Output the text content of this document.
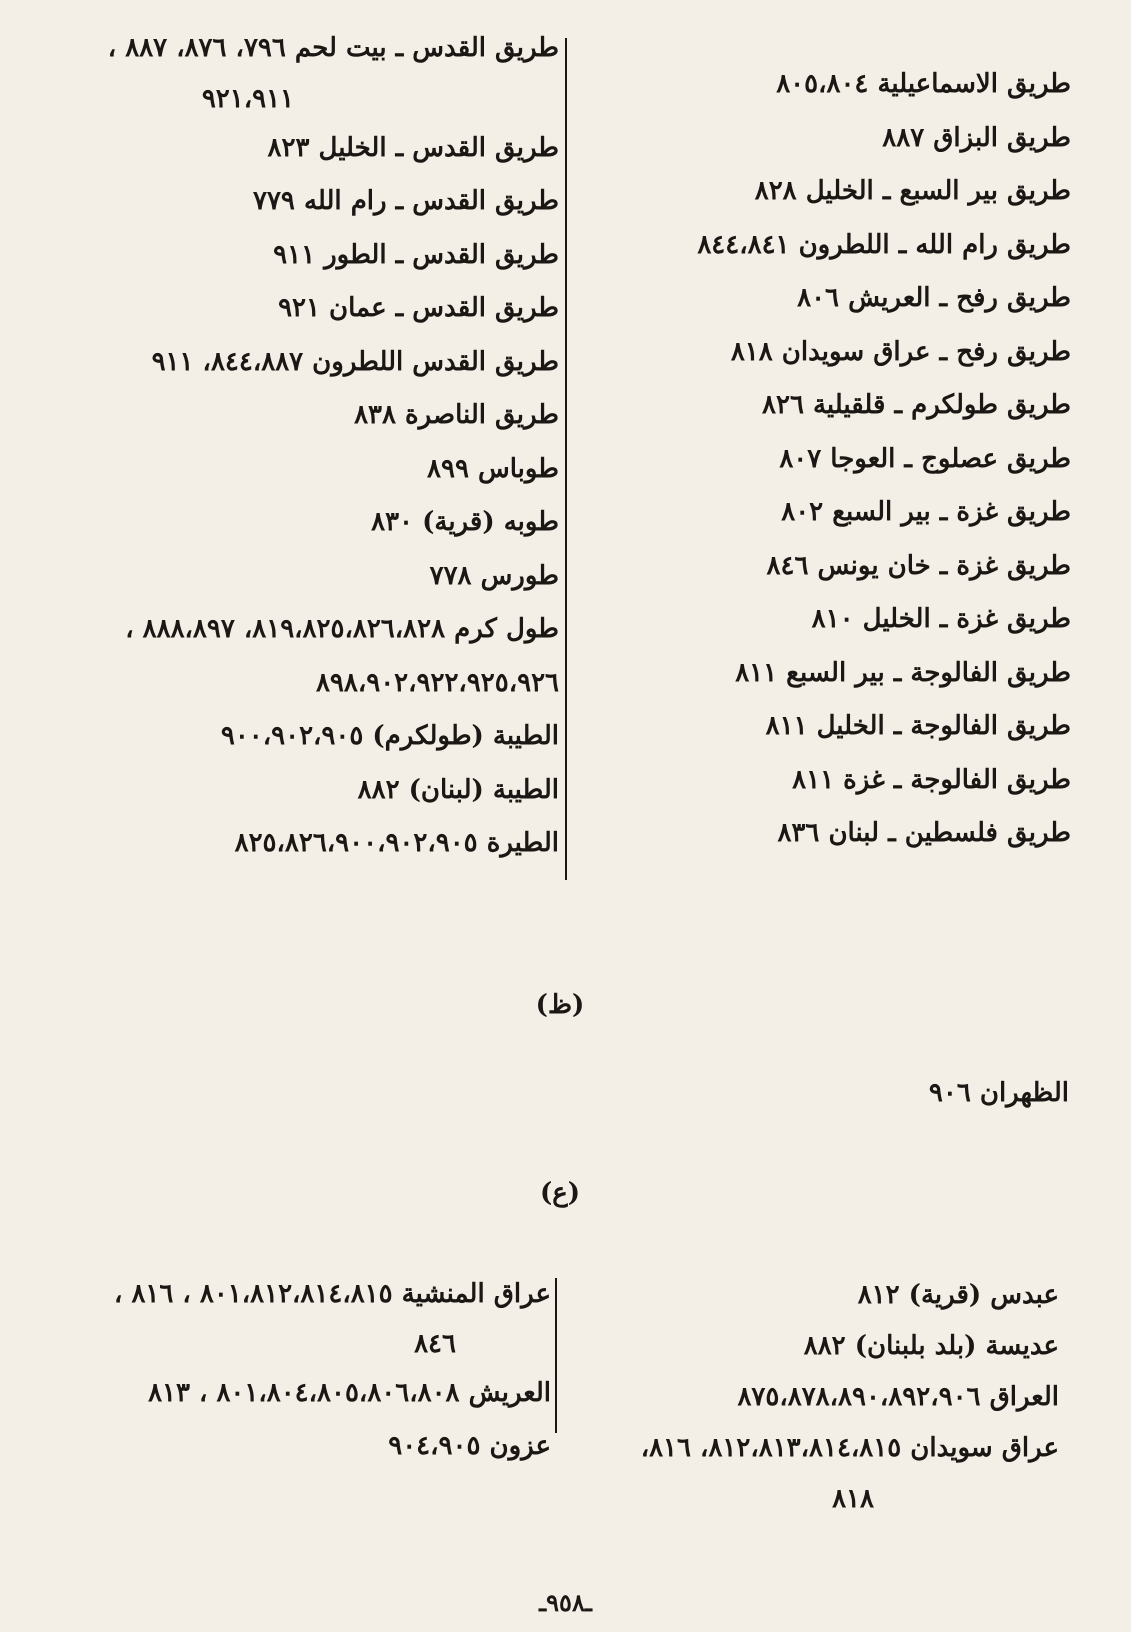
طريق الاسماعيلية ٨٠٥،٨٠٤
طريق البزاق ٨٨٧
طريق بير السبع ـ الخليل ٨٢٨
طريق رام الله ـ اللطرون ٨٤٤،٨٤١
طريق رفح ـ العريش ٨٠٦
طريق رفح ـ عراق سويدان ٨١٨
طريق طولكرم ـ قلقيلية ٨٢٦
طريق عصلوج ـ العوجا ٨٠٧
طريق غزة ـ بير السبع ٨٠٢
طريق غزة ـ خان يونس ٨٤٦
طريق غزة ـ الخليل ٨١٠
طريق الفالوجة ـ بير السبع ٨١١
طريق الفالوجة ـ الخليل ٨١١
طريق الفالوجة ـ غزة ٨١١
طريق فلسطين ـ لبنان ٨٣٦
طريق القدس ـ بيت لحم ٧٩٦، ٨٧٦، ٨٨٧ ،
٩٢١،٩١١
طريق القدس ـ الخليل ٨٢٣
طريق القدس ـ رام الله ٧٧٩
طريق القدس ـ الطور ٩١١
طريق القدس ـ عمان ٩٢١
طريق القدس اللطرون ٨٤٤،٨٨٧، ٩١١
طريق الناصرة ٨٣٨
طوباس ٨٩٩
طوبه (قرية) ٨٣٠
طورس ٧٧٨
طول كرم ٨١٩،٨٢٥،٨٢٦،٨٢٨، ٨٨٨،٨٩٧ ،
٨٩٨،٩٠٢،٩٢٢،٩٢٥،٩٢٦
الطيبة (طولكرم) ٩٠٠،٩٠٢،٩٠٥
الطيبة (لبنان) ٨٨٢
الطيرة ٨٢٥،٨٢٦،٩٠٠،٩٠٢،٩٠٥
(ظ)
الظهران ٩٠٦
(ع)
عبدس (قرية) ٨١٢
عديسة (بلد بلبنان) ٨٨٢
العراق ٨٧٥،٨٧٨،٨٩٠،٨٩٢،٩٠٦
عراق سويدان ٨١٢،٨١٣،٨١٤،٨١٥، ٨١٦،
٨١٨
عراق المنشية ٨٠١،٨١٢،٨١٤،٨١٥ ، ٨١٦ ،
٨٤٦
العريش ٨٠١،٨٠٤،٨٠٥،٨٠٦،٨٠٨ ، ٨١٣
عزون ٩٠٤،٩٠٥
ـ٩٥٨ـ
